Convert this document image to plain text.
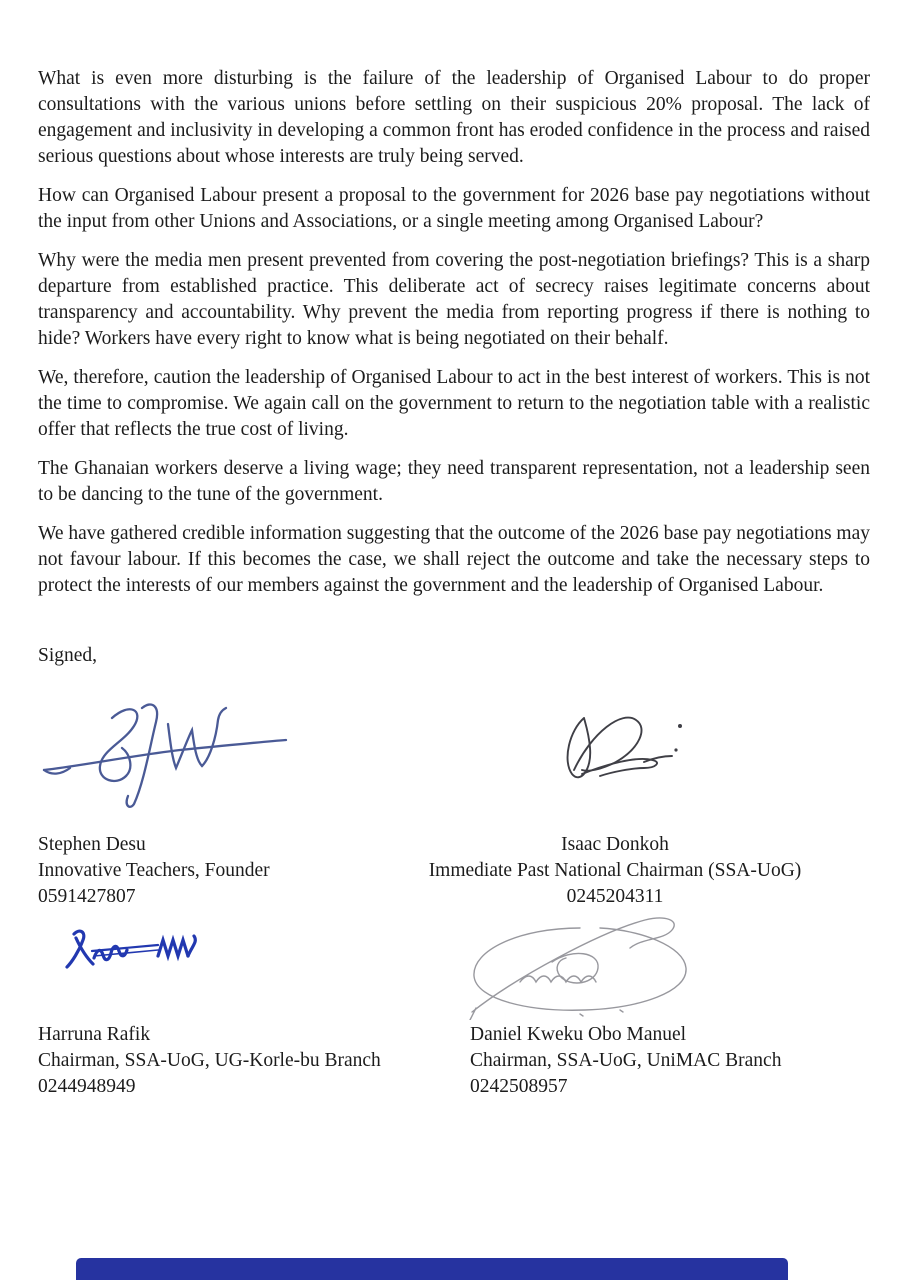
What is even more disturbing is the failure of the leadership of Organised Labour to do proper consultations with the various unions before settling on their suspicious 20% proposal. The lack of engagement and inclusivity in developing a common front has eroded confidence in the process and raised serious questions about whose interests are truly being served.

How can Organised Labour present a proposal to the government for 2026 base pay negotiations without the input from other Unions and Associations, or a single meeting among Organised Labour?

Why were the media men present prevented from covering the post-negotiation briefings? This is a sharp departure from established practice. This deliberate act of secrecy raises legitimate concerns about transparency and accountability. Why prevent the media from reporting progress if there is nothing to hide? Workers have every right to know what is being negotiated on their behalf.

We, therefore, caution the leadership of Organised Labour to act in the best interest of workers. This is not the time to compromise. We again call on the government to return to the negotiation table with a realistic offer that reflects the true cost of living.

The Ghanaian workers deserve a living wage; they need transparent representation, not a leadership seen to be dancing to the tune of the government.

We have gathered credible information suggesting that the outcome of the 2026 base pay negotiations may not favour labour. If this becomes the case, we shall reject the outcome and take the necessary steps to protect the interests of our members against the government and the leadership of Organised Labour.

Signed,

Stephen Desu
Innovative Teachers, Founder
0591427807
Isaac Donkoh
Immediate Past National Chairman (SSA-UoG)
0245204311
Harruna Rafik
Chairman, SSA-UoG, UG-Korle-bu Branch
0244948949
Daniel Kweku Obo Manuel
Chairman, SSA-UoG, UniMAC Branch
0242508957
